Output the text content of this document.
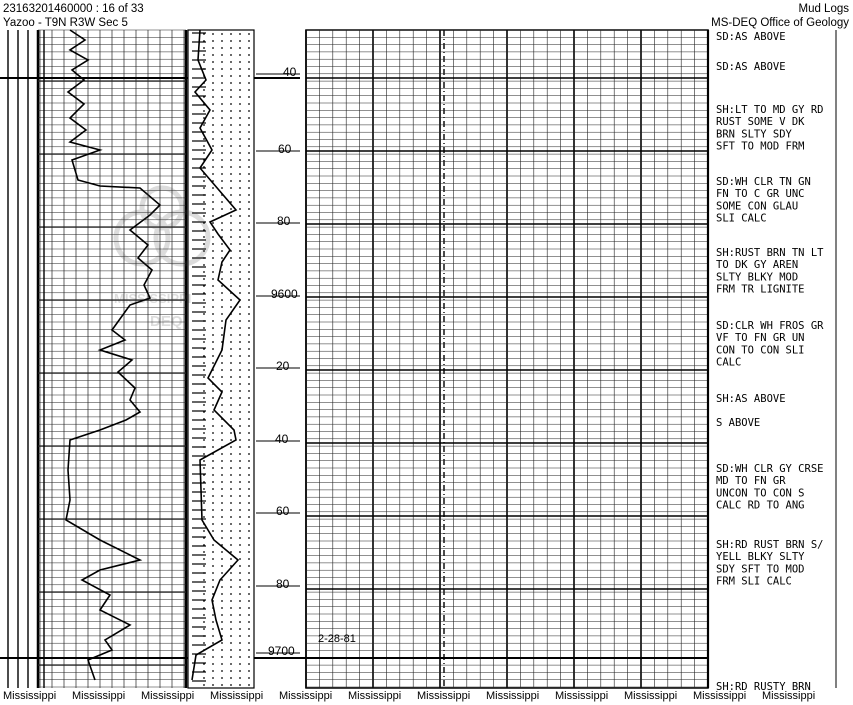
23163201460000 : 16 of 33
Yazoo - T9N R3W Sec 5
Mud Logs
MS-DEQ Office of Geology
40
60
80
9600
20
40
60
80
9700
2-28-81
SD:AS ABOVE
SD:AS ABOVE
SH:LT TO MD GY RD
RUST SOME V DK
BRN SLTY SDY
SFT TO MOD FRM
SD:WH CLR TN GN
FN TO C GR UNC
SOME CON GLAU
SLI CALC
SH:RUST BRN TN LT
TO DK GY AREN
SLTY BLKY MOD
FRM TR LIGNITE
SD:CLR WH FROS GR
VF TO FN GR UN
CON TO CON SLI
CALC
SH:AS ABOVE
S ABOVE
SD:WH CLR GY CRSE
MD TO FN GR
UNCON TO CON S
CALC RD TO ANG
SH:RD RUST BRN S/
YELL BLKY SLTY
SDY SFT TO MOD
FRM SLI CALC
SH:RD RUSTY BRN
MISSISSIPPI
DEQ
Mississippi Mississippi Mississippi Mississippi Mississippi Mississippi Mississippi Mississippi Mississippi Mississippi Mississippi Mississippi
